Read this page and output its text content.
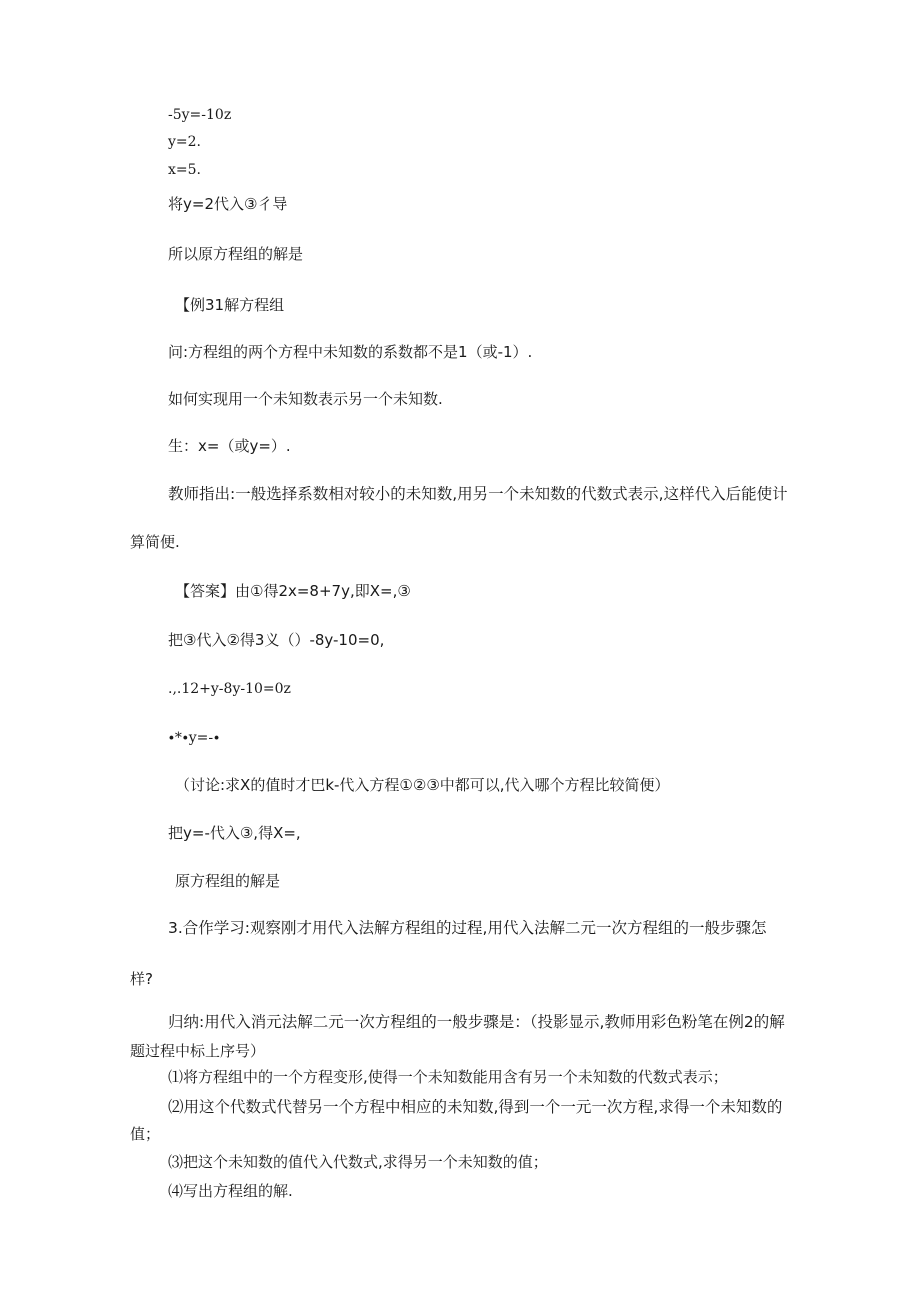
-5y=-10z
y=2.
x=5.
将y=2代入③彳导
所以原方程组的解是
【例31解方程组
问:方程组的两个方程中未知数的系数都不是1（或-1）.
如何实现用一个未知数表示另一个未知数.
生：x=（或y=）.
教师指出:一般选择系数相对较小的未知数,用另一个未知数的代数式表示,这样代入后能使计
算简便.
【答案】由①得2x=8+7y,即X=,③
把③代入②得3义（）-8y-10=0,
.,.12+y-8y-10=0z
∙*∙y=-∙
（讨论:求X的值时才巴k-代入方程①②③中都可以,代入哪个方程比较简便）
把y=-代入③,得X=,
原方程组的解是
3.合作学习:观察刚才用代入法解方程组的过程,用代入法解二元一次方程组的一般步骤怎
样?
归纳:用代入消元法解二元一次方程组的一般步骤是：（投影显示,教师用彩色粉笔在例2的解
题过程中标上序号）
⑴将方程组中的一个方程变形,使得一个未知数能用含有另一个未知数的代数式表示；
⑵用这个代数式代替另一个方程中相应的未知数,得到一个一元一次方程,求得一个未知数的
值；
⑶把这个未知数的值代入代数式,求得另一个未知数的值；
⑷写出方程组的解.
